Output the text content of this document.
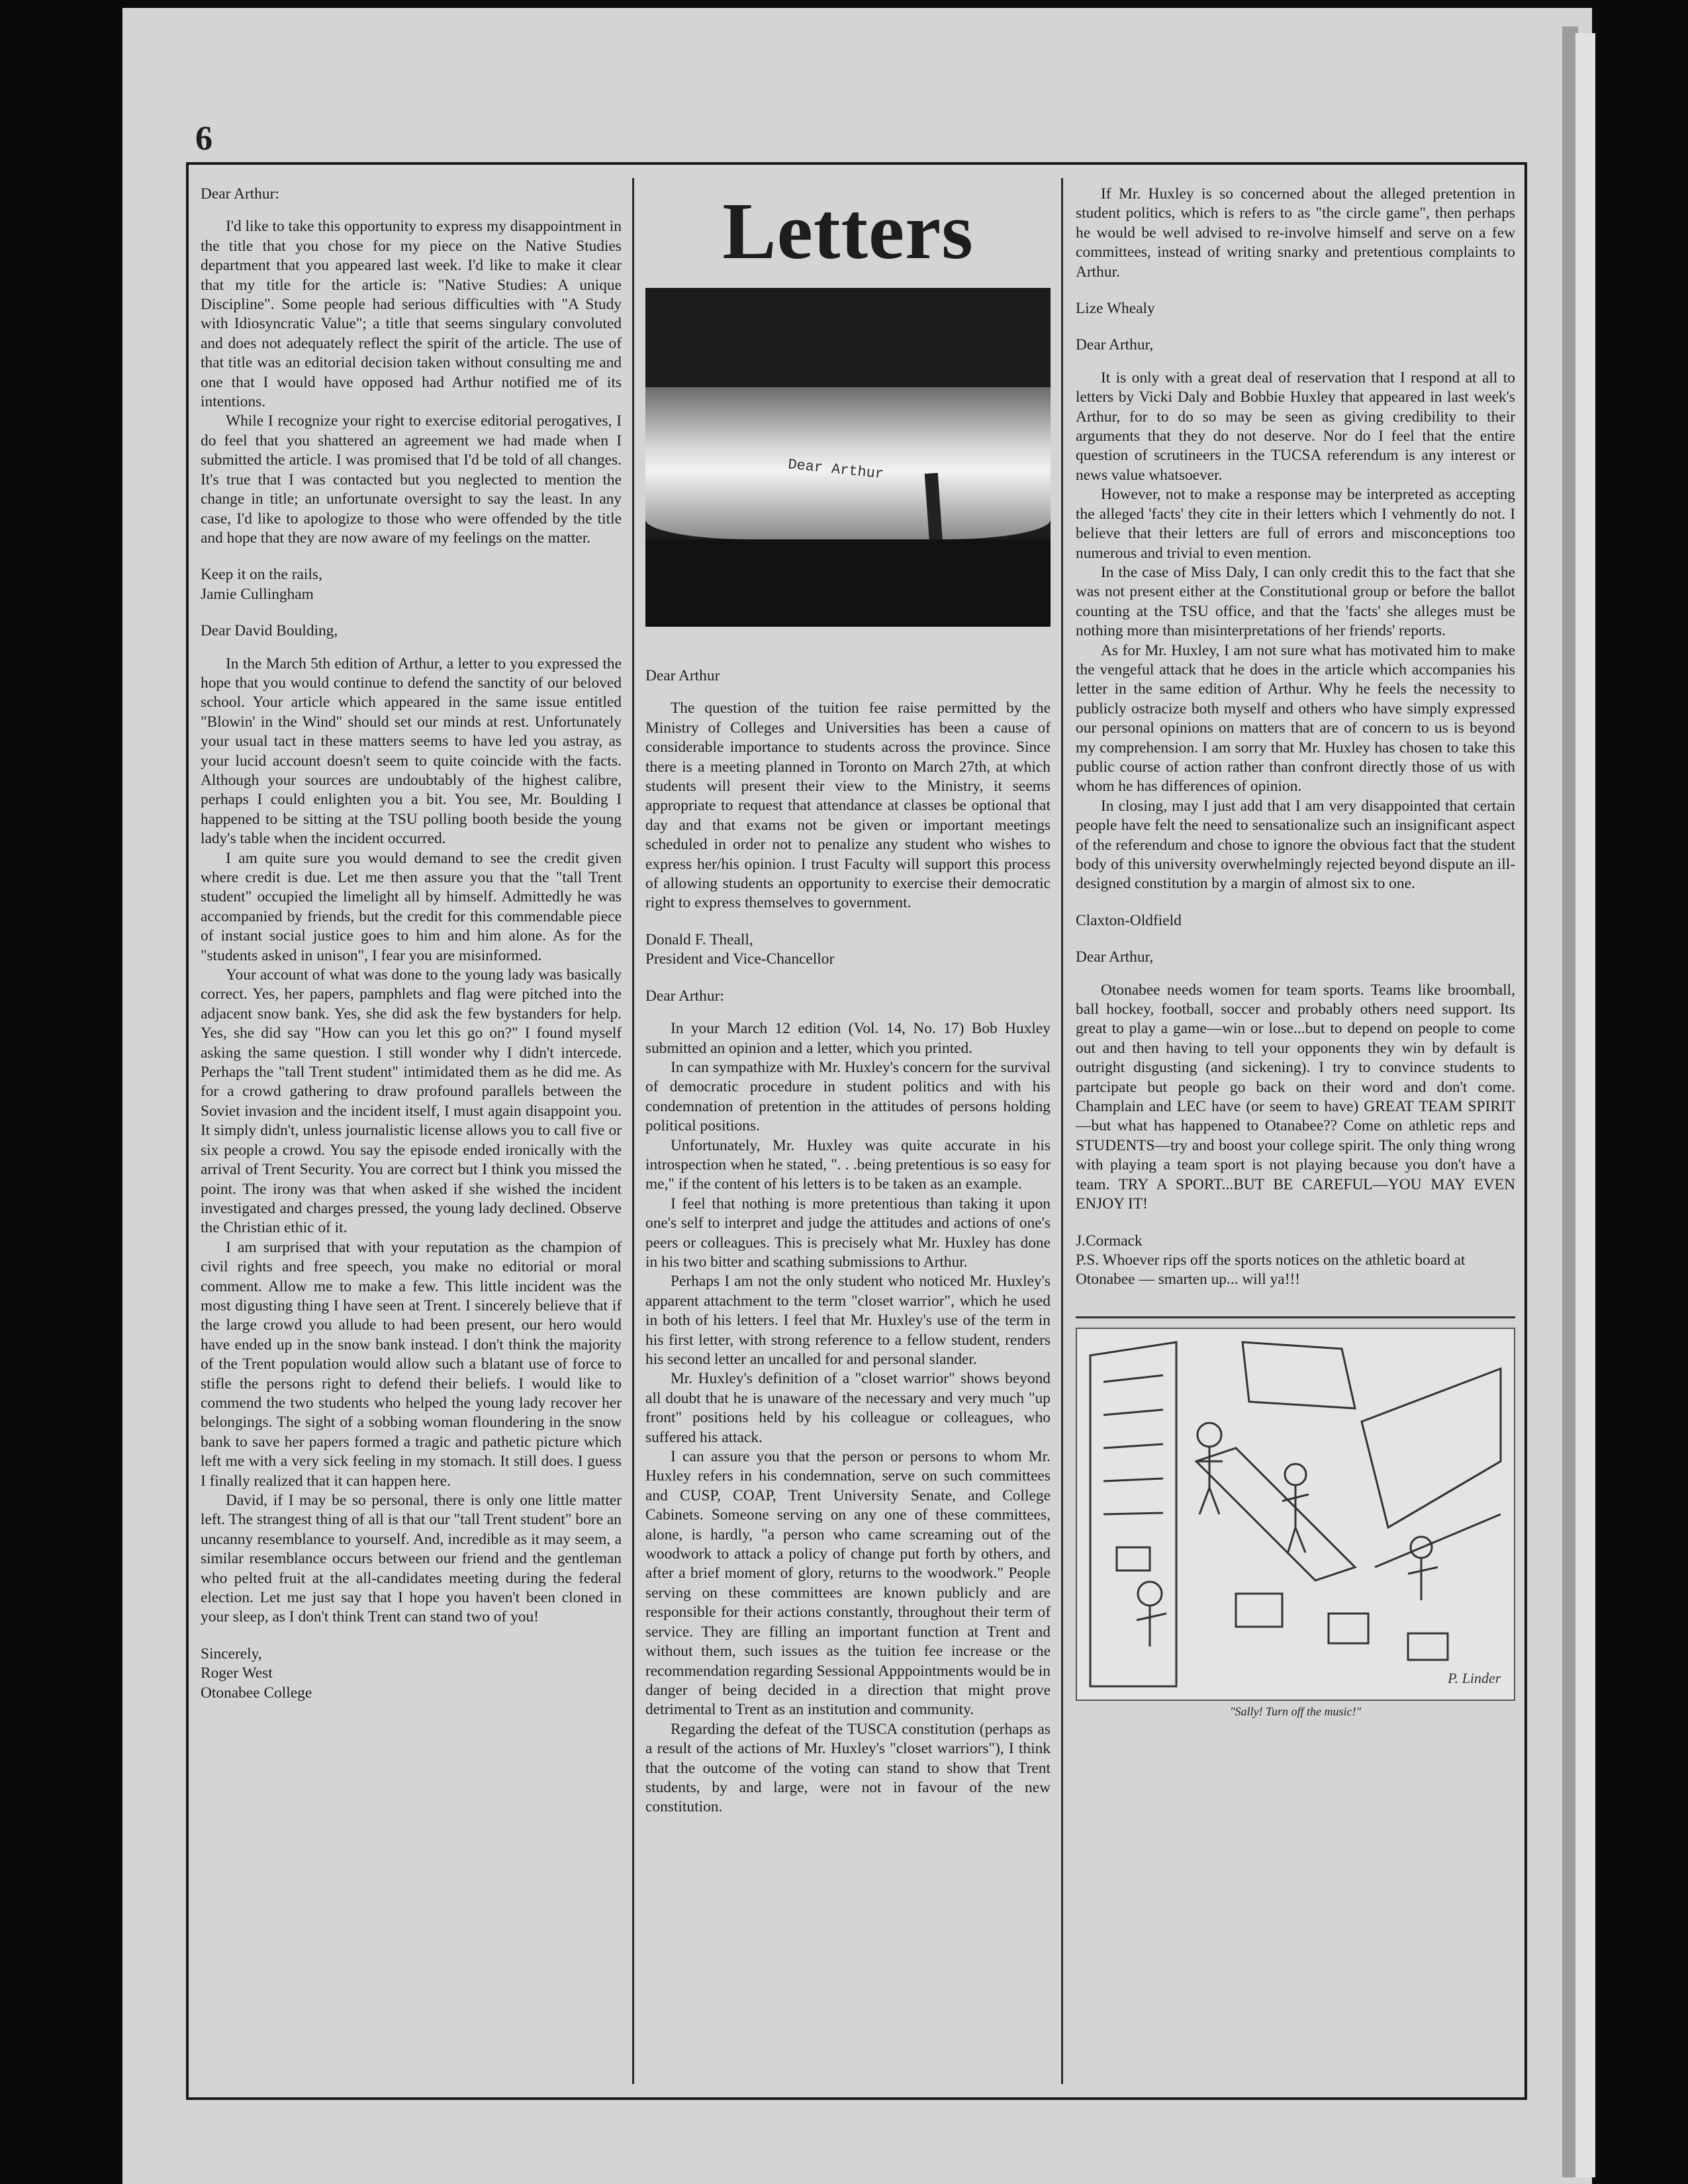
6

Dear Arthur:

I'd like to take this opportunity to express my disappointment in the title that you chose for my piece on the Native Studies department that you appeared last week. I'd like to make it clear that my title for the article is: "Native Studies: A unique Discipline". Some people had serious difficulties with "A Study with Idiosyncratic Value"; a title that seems singulary convoluted and does not adequately reflect the spirit of the article. The use of that title was an editorial decision taken without consulting me and one that I would have opposed had Arthur notified me of its intentions.

While I recognize your right to exercise editorial perogatives, I do feel that you shattered an agreement we had made when I submitted the article. I was promised that I'd be told of all changes. It's true that I was contacted but you neglected to mention the change in title; an unfortunate oversight to say the least. In any case, I'd like to apologize to those who were offended by the title and hope that they are now aware of my feelings on the matter.

Keep it on the rails,

Jamie Cullingham

Dear David Boulding,

In the March 5th edition of Arthur, a letter to you expressed the hope that you would continue to defend the sanctity of our beloved school. Your article which appeared in the same issue entitled "Blowin' in the Wind" should set our minds at rest. Unfortunately your usual tact in these matters seems to have led you astray, as your lucid account doesn't seem to quite coincide with the facts. Although your sources are undoubtably of the highest calibre, perhaps I could enlighten you a bit. You see, Mr. Boulding I happened to be sitting at the TSU polling booth beside the young lady's table when the incident occurred.

I am quite sure you would demand to see the credit given where credit is due. Let me then assure you that the "tall Trent student" occupied the limelight all by himself. Admittedly he was accompanied by friends, but the credit for this commendable piece of instant social justice goes to him and him alone. As for the "students asked in unison", I fear you are misinformed.

Your account of what was done to the young lady was basically correct. Yes, her papers, pamphlets and flag were pitched into the adjacent snow bank. Yes, she did ask the few bystanders for help. Yes, she did say "How can you let this go on?" I found myself asking the same question. I still wonder why I didn't intercede. Perhaps the "tall Trent student" intimidated them as he did me. As for a crowd gathering to draw profound parallels between the Soviet invasion and the incident itself, I must again disappoint you. It simply didn't, unless journalistic license allows you to call five or six people a crowd. You say the episode ended ironically with the arrival of Trent Security. You are correct but I think you missed the point. The irony was that when asked if she wished the incident investigated and charges pressed, the young lady declined. Observe the Christian ethic of it.

I am surprised that with your reputation as the champion of civil rights and free speech, you make no editorial or moral comment. Allow me to make a few. This little incident was the most digusting thing I have seen at Trent. I sincerely believe that if the large crowd you allude to had been present, our hero would have ended up in the snow bank instead. I don't think the majority of the Trent population would allow such a blatant use of force to stifle the persons right to defend their beliefs. I would like to commend the two students who helped the young lady recover her belongings. The sight of a sobbing woman floundering in the snow bank to save her papers formed a tragic and pathetic picture which left me with a very sick feeling in my stomach. It still does. I guess I finally realized that it can happen here.

David, if I may be so personal, there is only one little matter left. The strangest thing of all is that our "tall Trent student" bore an uncanny resemblance to yourself. And, incredible as it may seem, a similar resemblance occurs between our friend and the gentleman who pelted fruit at the all-candidates meeting during the federal election. Let me just say that I hope you haven't been cloned in your sleep, as I don't think Trent can stand two of you!

Sincerely,

Roger West

Otonabee College

Letters
Dear Arthur

Dear Arthur

The question of the tuition fee raise permitted by the Ministry of Colleges and Universities has been a cause of considerable importance to students across the province. Since there is a meeting planned in Toronto on March 27th, at which students will present their view to the Ministry, it seems appropriate to request that attendance at classes be optional that day and that exams not be given or important meetings scheduled in order not to penalize any student who wishes to express her/his opinion. I trust Faculty will support this process of allowing students an opportunity to exercise their democratic right to express themselves to government.

Donald F. Theall,

President and Vice-Chancellor

Dear Arthur:

In your March 12 edition (Vol. 14, No. 17) Bob Huxley submitted an opinion and a letter, which you printed.

In can sympathize with Mr. Huxley's concern for the survival of democratic procedure in student politics and with his condemnation of pretention in the attitudes of persons holding political positions.

Unfortunately, Mr. Huxley was quite accurate in his introspection when he stated, ". . .being pretentious is so easy for me," if the content of his letters is to be taken as an example.

I feel that nothing is more pretentious than taking it upon one's self to interpret and judge the attitudes and actions of one's peers or colleagues. This is precisely what Mr. Huxley has done in his two bitter and scathing submissions to Arthur.

Perhaps I am not the only student who noticed Mr. Huxley's apparent attachment to the term "closet warrior", which he used in both of his letters. I feel that Mr. Huxley's use of the term in his first letter, with strong reference to a fellow student, renders his second letter an uncalled for and personal slander.

Mr. Huxley's definition of a "closet warrior" shows beyond all doubt that he is unaware of the necessary and very much "up front" positions held by his colleague or colleagues, who suffered his attack.

I can assure you that the person or persons to whom Mr. Huxley refers in his condemnation, serve on such committees and CUSP, COAP, Trent University Senate, and College Cabinets. Someone serving on any one of these committees, alone, is hardly, "a person who came screaming out of the woodwork to attack a policy of change put forth by others, and after a brief moment of glory, returns to the woodwork." People serving on these committees are known publicly and are responsible for their actions constantly, throughout their term of service. They are filling an important function at Trent and without them, such issues as the tuition fee increase or the recommendation regarding Sessional Apppointments would be in danger of being decided in a direction that might prove detrimental to Trent as an institution and community.

Regarding the defeat of the TUSCA constitution (perhaps as a result of the actions of Mr. Huxley's "closet warriors"), I think that the outcome of the voting can stand to show that Trent students, by and large, were not in favour of the new constitution.

If Mr. Huxley is so concerned about the alleged pretention in student politics, which is refers to as "the circle game", then perhaps he would be well advised to re-involve himself and serve on a few committees, instead of writing snarky and pretentious complaints to Arthur.

Lize Whealy

Dear Arthur,

It is only with a great deal of reservation that I respond at all to letters by Vicki Daly and Bobbie Huxley that appeared in last week's Arthur, for to do so may be seen as giving credibility to their arguments that they do not deserve. Nor do I feel that the entire question of scrutineers in the TUCSA referendum is any interest or news value whatsoever.

However, not to make a response may be interpreted as accepting the alleged 'facts' they cite in their letters which I vehmently do not. I believe that their letters are full of errors and misconceptions too numerous and trivial to even mention.

In the case of Miss Daly, I can only credit this to the fact that she was not present either at the Constitutional group or before the ballot counting at the TSU office, and that the 'facts' she alleges must be nothing more than misinterpretations of her friends' reports.

As for Mr. Huxley, I am not sure what has motivated him to make the vengeful attack that he does in the article which accompanies his letter in the same edition of Arthur. Why he feels the necessity to publicly ostracize both myself and others who have simply expressed our personal opinions on matters that are of concern to us is beyond my comprehension. I am sorry that Mr. Huxley has chosen to take this public course of action rather than confront directly those of us with whom he has differences of opinion.

In closing, may I just add that I am very disappointed that certain people have felt the need to sensationalize such an insignificant aspect of the referendum and chose to ignore the obvious fact that the student body of this university overwhelmingly rejected beyond dispute an ill-designed constitution by a margin of almost six to one.

Claxton-Oldfield

Dear Arthur,

Otonabee needs women for team sports. Teams like broomball, ball hockey, football, soccer and probably others need support. Its great to play a game—win or lose...but to depend on people to come out and then having to tell your opponents they win by default is outright disgusting (and sickening). I try to convince students to partcipate but people go back on their word and don't come. Champlain and LEC have (or seem to have) GREAT TEAM SPIRIT—but what has happened to Otanabee?? Come on athletic reps and STUDENTS—try and boost your college spirit. The only thing wrong with playing a team sport is not playing because you don't have a team. TRY A SPORT...BUT BE CAREFUL—YOU MAY EVEN ENJOY IT!

J.Cormack

P.S. Whoever rips off the sports notices on the athletic board at Otonabee — smarten up... will ya!!!

P. Linder
"Sally! Turn off the music!"
